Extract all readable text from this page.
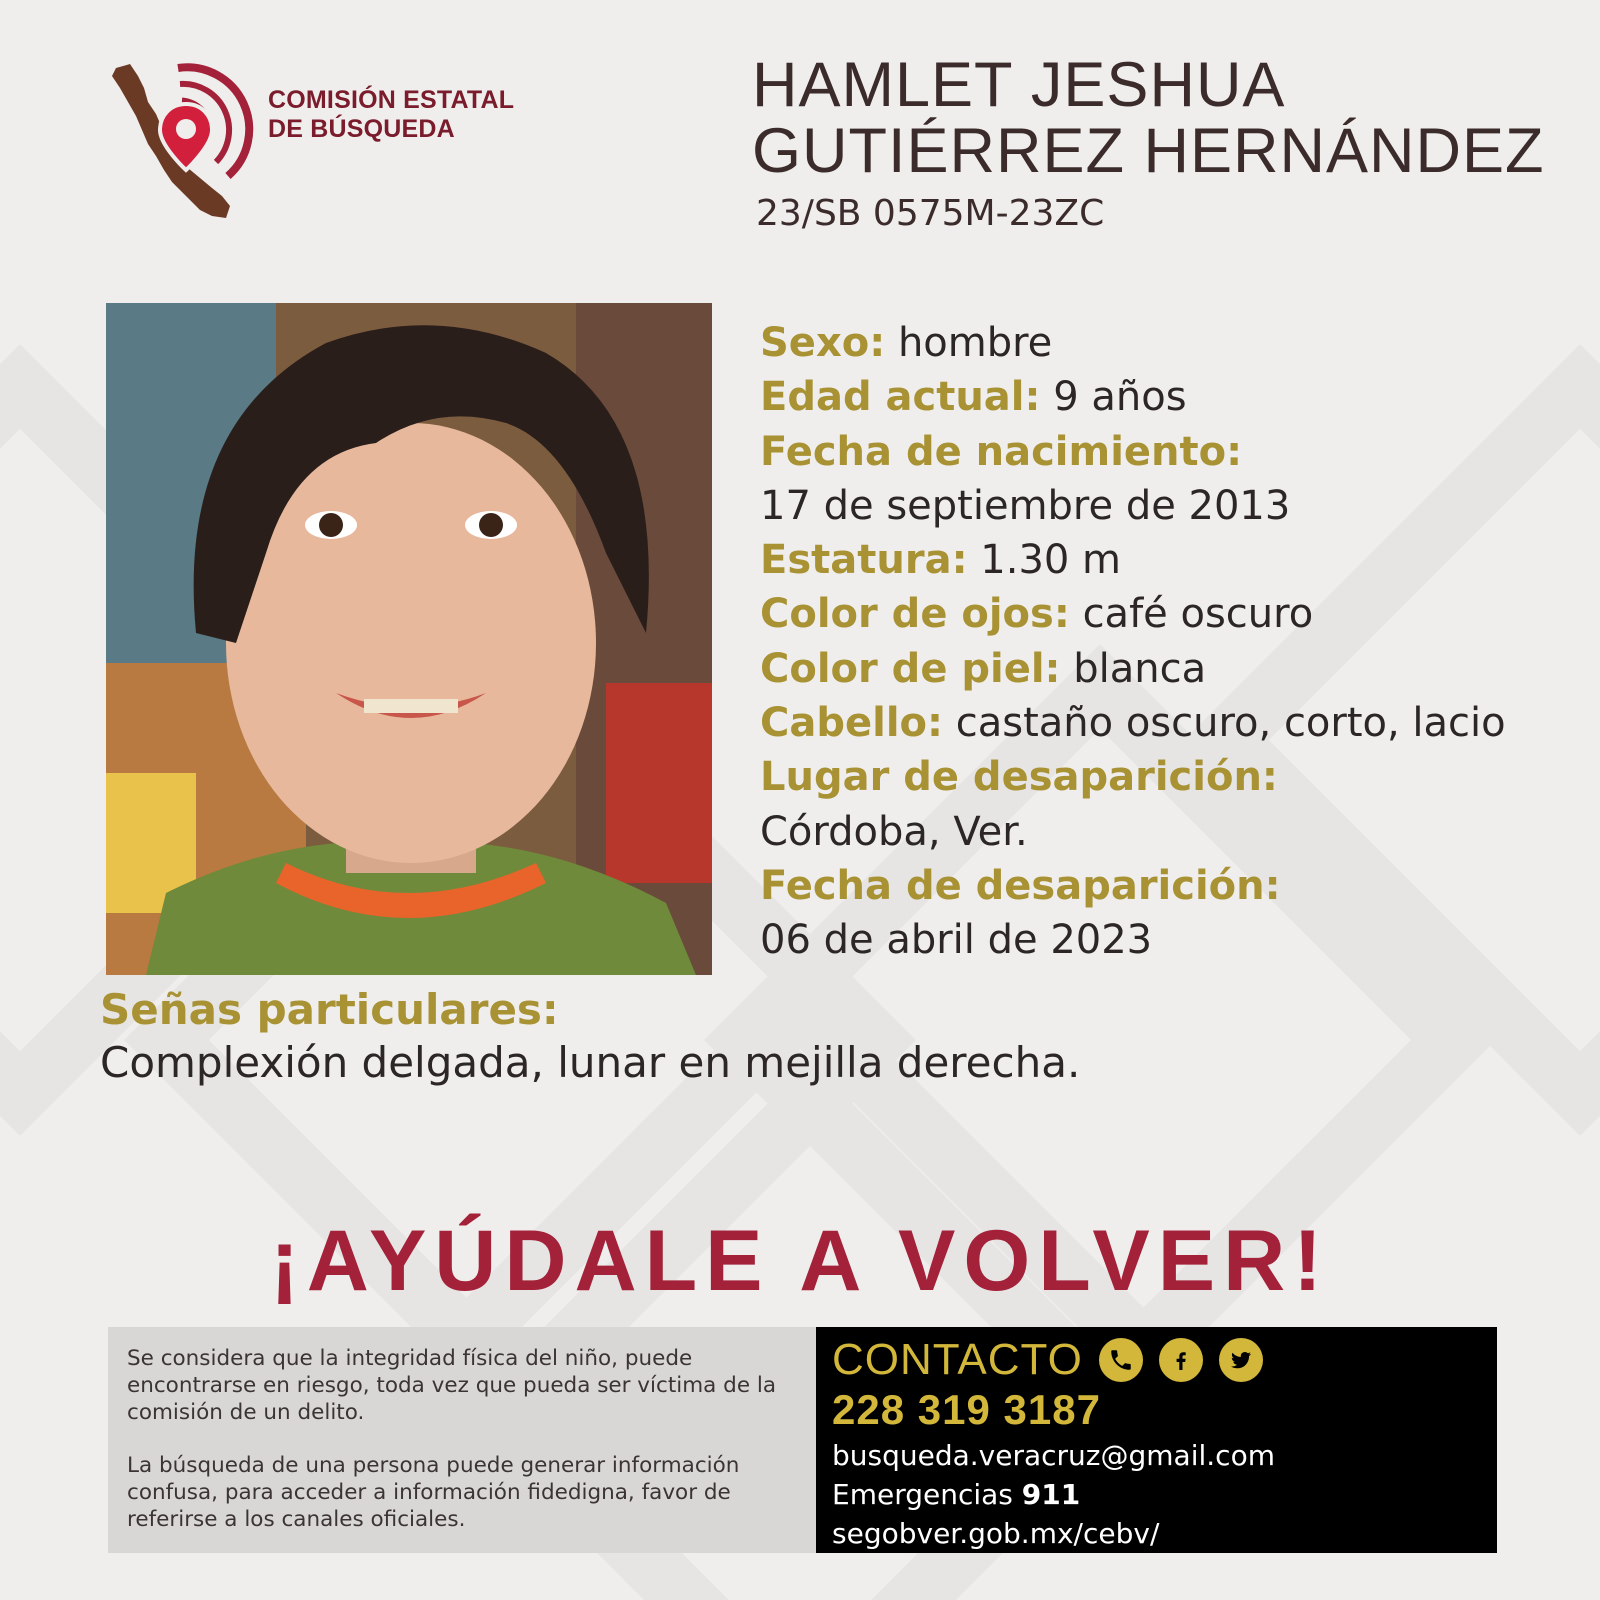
COMISIÓN ESTATAL
DE BÚSQUEDA
HAMLET JESHUA
GUTIÉRREZ HERNÁNDEZ
23/SB 0575M-23ZC
Sexo: hombre
Edad actual: 9 años
Fecha de nacimiento:
17 de septiembre de 2013
Estatura: 1.30 m
Color de ojos: café oscuro
Color de piel: blanca
Cabello: castaño oscuro, corto, lacio
Lugar de desaparición:
Córdoba, Ver.
Fecha de desaparición:
06 de abril de 2023
Señas particulares:
Complexión delgada, lunar en mejilla derecha.
¡AYÚDALE A VOLVER!

Se considera que la integridad física del niño, puede encontrarse en riesgo, toda vez que pueda ser víctima de la comisión de un delito.

La búsqueda de una persona puede generar información confusa, para acceder a información fidedigna, favor de referirse a los canales oficiales.

CONTACTO
228 319 3187
busqueda.veracruz@gmail.com
Emergencias 911
segobver.gob.mx/cebv/
